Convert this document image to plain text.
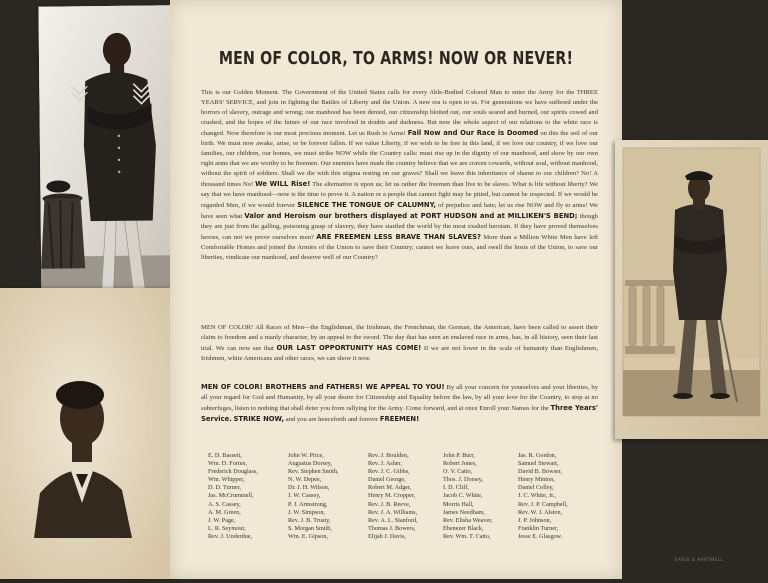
MEN OF COLOR, TO ARMS! NOW OR NEVER!
This is our Golden Moment. The Government of the United States calls for every Able-Bodied Colored Man to enter the Army for the THREE YEARS' SERVICE, and join in fighting the Battles of Liberty and the Union. A new era is open to us. For generations we have suffered under the horrors of slavery, outrage and wrong; our manhood has been denied, our citizenship blotted out, our souls seared and burned, our spirits cowed and crushed, and the hopes of the future of our race involved in doubts and darkness. But now the whole aspect of our relations to the white race is changed. Now therefore is our most precious moment. Let us Rush to Arms! Fail Now and Our Race is Doomed on this the soil of our birth. We must now awake, arise, or be forever fallen. If we value Liberty, if we wish to be free in this land, if we love our country, if we love our families, our children, our homes, we must strike NOW while the Country calls: must rise up in the dignity of our manhood, and show by our own right arms that we are worthy to be freemen. Our enemies have made the country believe that we are craven cowards, without soul, without manhood, without the spirit of soldiers. Shall we die with this stigma resting on our graves? Shall we leave this inheritance of shame to our children? No! A thousand times No! We WILL Rise! The alternative is upon us; let us rather die freemen than live to be slaves. What is life without liberty? We say that we have manhood—now is the time to prove it. A nation or a people that cannot fight may be pitied, but cannot be respected. If we would be regarded Men, if we would forever SILENCE THE TONGUE OF CALUMNY, of prejudice and hate; let us rise NOW and fly to arms! We have seen what Valor and Heroism our brothers displayed at PORT HUDSON and at MILLIKEN'S BEND; though they are just from the galling, poisoning grasp of slavery, they have startled the world by the most exalted heroism. If they have proved themselves heroes, can not we prove ourselves men? ARE FREEMEN LESS BRAVE THAN SLAVES? More than a Million White Men have left Comfortable Homes and joined the Armies of the Union to save their Country; cannot we leave ours, and swell the hosts of the Union, to save our liberties, vindicate our manhood, and deserve well of our Country?
MEN OF COLOR! All Races of Men—the Englishman, the Irishman, the Frenchman, the German, the American, have been called to assert their claim to freedom and a manly character, by an appeal to the sword. The day that has seen an enslaved race in arms, has, in all history, seen their last trial. We can now see that OUR LAST OPPORTUNITY HAS COME! If we are not lower in the scale of humanity than Englishmen, Irishmen, white Americans and other races, we can show it now.
MEN OF COLOR! BROTHERS and FATHERS! WE APPEAL TO YOU! By all your concern for yourselves and your liberties, by all your regard for God and Humanity, by all your desire for Citizenship and Equality before the law, by all your love for the Country, to stop at no subterfuges, listen to nothing that shall deter you from rallying for the Army. Come forward, and at once Enroll your Names for the Three Years' Service. STRIKE NOW, and you are henceforth and forever FREEMEN!
E. D. Bassett,
Wm. D. Forten,
Frederick Douglass,
Wm. Whipper,
D. D. Turner,
Jas. McCrummell,
A. S. Cassey,
A. M. Green,
J. W. Page,
L. R. Seymour,
Rev. J. Underdue,
John W. Price,
Augustus Dorsey,
Rev. Stephen Smith,
N. W. Depee,
Dr. J. H. Wilson,
J. W. Cassey,
P. J. Armstrong,
J. W. Simpson,
Rev. J. B. Trusty,
S. Morgan Smith,
Wm. E. Gipson,
Rev. J. Boulden,
Rev. J. Asher,
Rev. J. C. Gibbs,
Daniel George,
Robert M. Adger,
Henry M. Cropper,
Rev. J. B. Reeve,
Rev. J. A. Williams,
Rev. A. L. Stanford,
Thomas J. Bowers,
Elijah J. Davis,
John P. Burr,
Robert Jones,
O. V. Catto,
Thos. J. Dorsey,
I. D. Cliff,
Jacob C. White,
Morris Hall,
James Needham,
Rev. Elisha Weaver,
Ebenezer Black,
Rev. Wm. T. Catto,
Jas. R. Gordon,
Samuel Stewart,
David B. Bowser,
Henry Minton,
Daniel Colley,
J. C. White, Jr.,
Rev. J. P. Campbell,
Rev. W. J. Alston,
J. P. Johnson,
Franklin Turner,
Jesse E. Glasgow.
EARLE & HARTWELL
